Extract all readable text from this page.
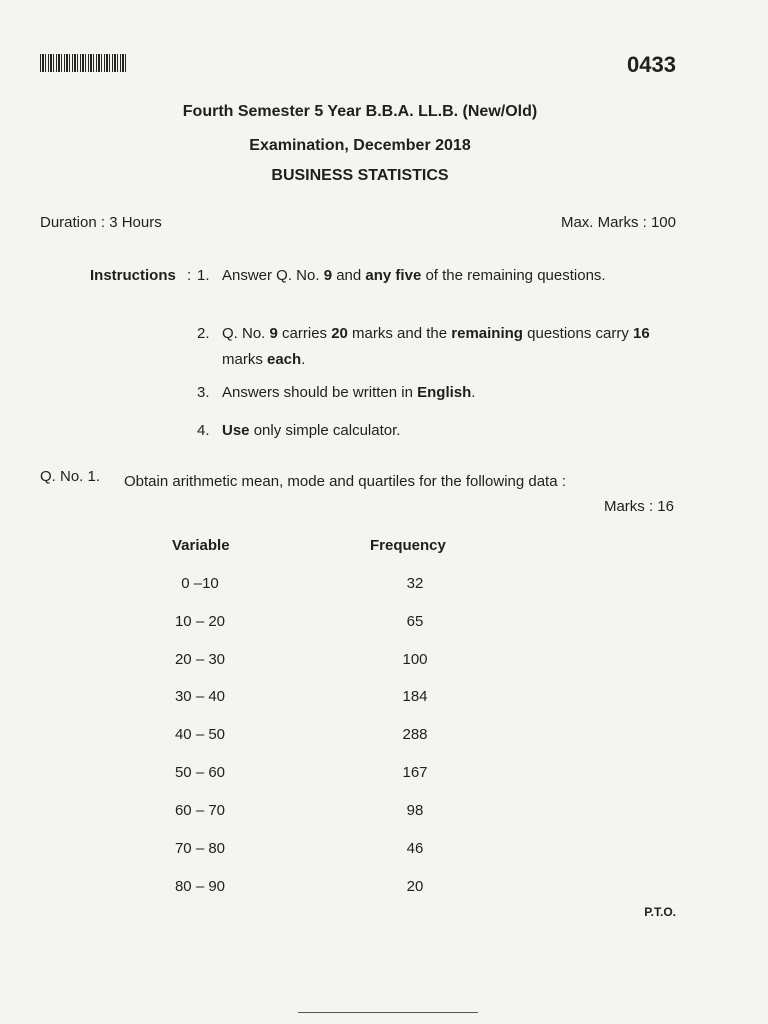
0433
Fourth Semester 5 Year B.B.A. LL.B. (New/Old)
Examination, December 2018
BUSINESS STATISTICS
Duration : 3 Hours	Max. Marks : 100
Instructions : 1. Answer Q. No. 9 and any five of the remaining questions.
2. Q. No. 9 carries 20 marks and the remaining questions carry 16 marks each.
3. Answers should be written in English.
4. Use only simple calculator.
Q. No. 1. Obtain arithmetic mean, mode and quartiles for the following data :
Marks : 16
Variable	Frequency
0 –10	32
10 – 20	65
20 – 30	100
30 – 40	184
40 – 50	288
50 – 60	167
60 – 70	98
70 – 80	46
80 – 90	20
P.T.O.
